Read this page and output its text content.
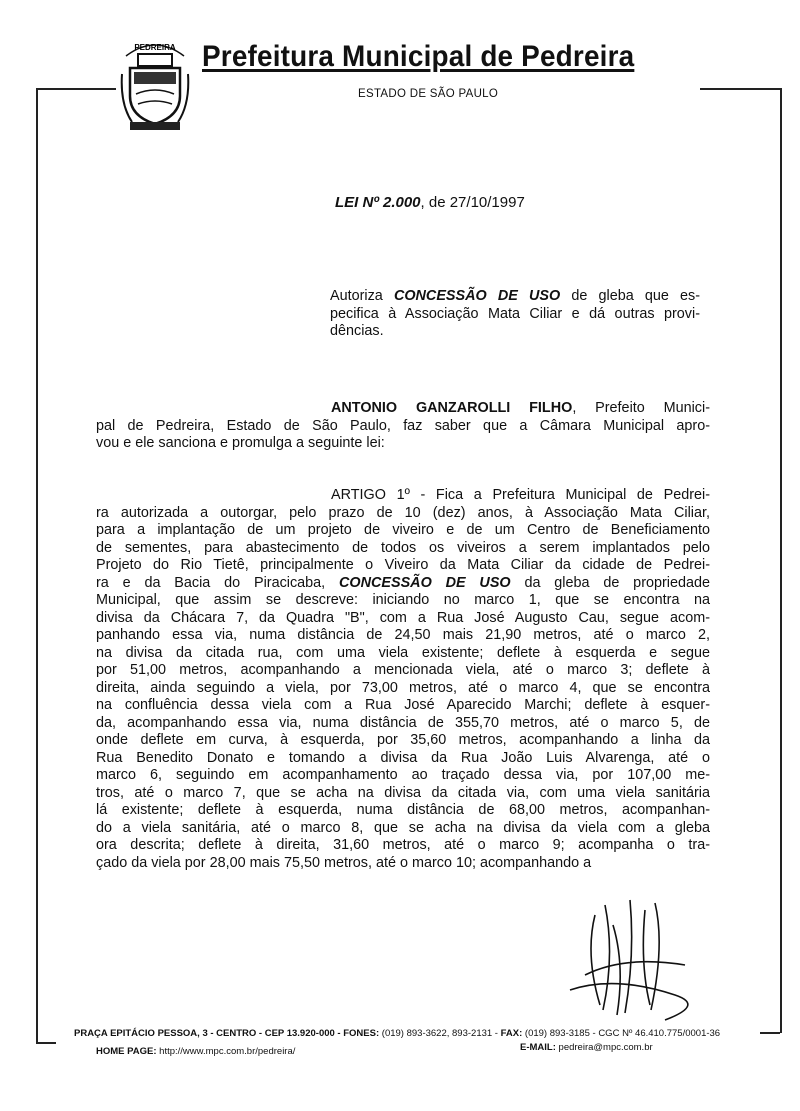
PEDREIRA Prefeitura Municipal de Pedreira
ESTADO DE SÃO PAULO
LEI Nº 2.000, de 27/10/1997
Autoriza CONCESSÃO DE USO de gleba que es-
pecifica à Associação Mata Ciliar e dá outras provi-
dências.
ANTONIO GANZAROLLI FILHO, Prefeito Munici-
pal de Pedreira, Estado de São Paulo, faz saber que a Câmara Municipal apro-
vou e ele sanciona e promulga a seguinte lei:
ARTIGO 1º - Fica a Prefeitura Municipal de Pedrei-
ra autorizada a outorgar, pelo prazo de 10 (dez) anos, à Associação Mata Ciliar,
para a implantação de um projeto de viveiro e de um Centro de Beneficiamento
de sementes, para abastecimento de todos os viveiros a serem implantados pelo
Projeto do Rio Tietê, principalmente o Viveiro da Mata Ciliar da cidade de Pedrei-
ra e da Bacia do Piracicaba, CONCESSÃO DE USO da gleba de propriedade
Municipal, que assim se descreve: iniciando no marco 1, que se encontra na
divisa da Chácara 7, da Quadra "B", com a Rua José Augusto Cau, segue acom-
panhando essa via, numa distância de 24,50 mais 21,90 metros, até o marco 2,
na divisa da citada rua, com uma viela existente; deflete à esquerda e segue
por 51,00 metros, acompanhando a mencionada viela, até o marco 3; deflete à
direita, ainda seguindo a viela, por 73,00 metros, até o marco 4, que se encontra
na confluência dessa viela com a Rua José Aparecido Marchi; deflete à esquer-
da, acompanhando essa via, numa distância de 355,70 metros, até o marco 5, de
onde deflete em curva, à esquerda, por 35,60 metros, acompanhando a linha da
Rua Benedito Donato e tomando a divisa da Rua João Luis Alvarenga, até o
marco 6, seguindo em acompanhamento ao traçado dessa via, por 107,00 me-
tros, até o marco 7, que se acha na divisa da citada via, com uma viela sanitária
lá existente; deflete à esquerda, numa distância de 68,00 metros, acompanhan-
do a viela sanitária, até o marco 8, que se acha na divisa da viela com a gleba
ora descrita; deflete à direita, 31,60 metros, até o marco 9; acompanha o tra-
çado da viela por 28,00 mais 75,50 metros, até o marco 10; acompanhando a
PRAÇA EPITÁCIO PESSOA, 3 - CENTRO - CEP 13.920-000 - FONES: (019) 893-3622, 893-2131 - FAX: (019) 893-3185 - CGC Nº 46.410.775/0001-36
HOME PAGE: http://www.mpc.com.br/pedreira/	E-MAIL: pedreira@mpc.com.br
